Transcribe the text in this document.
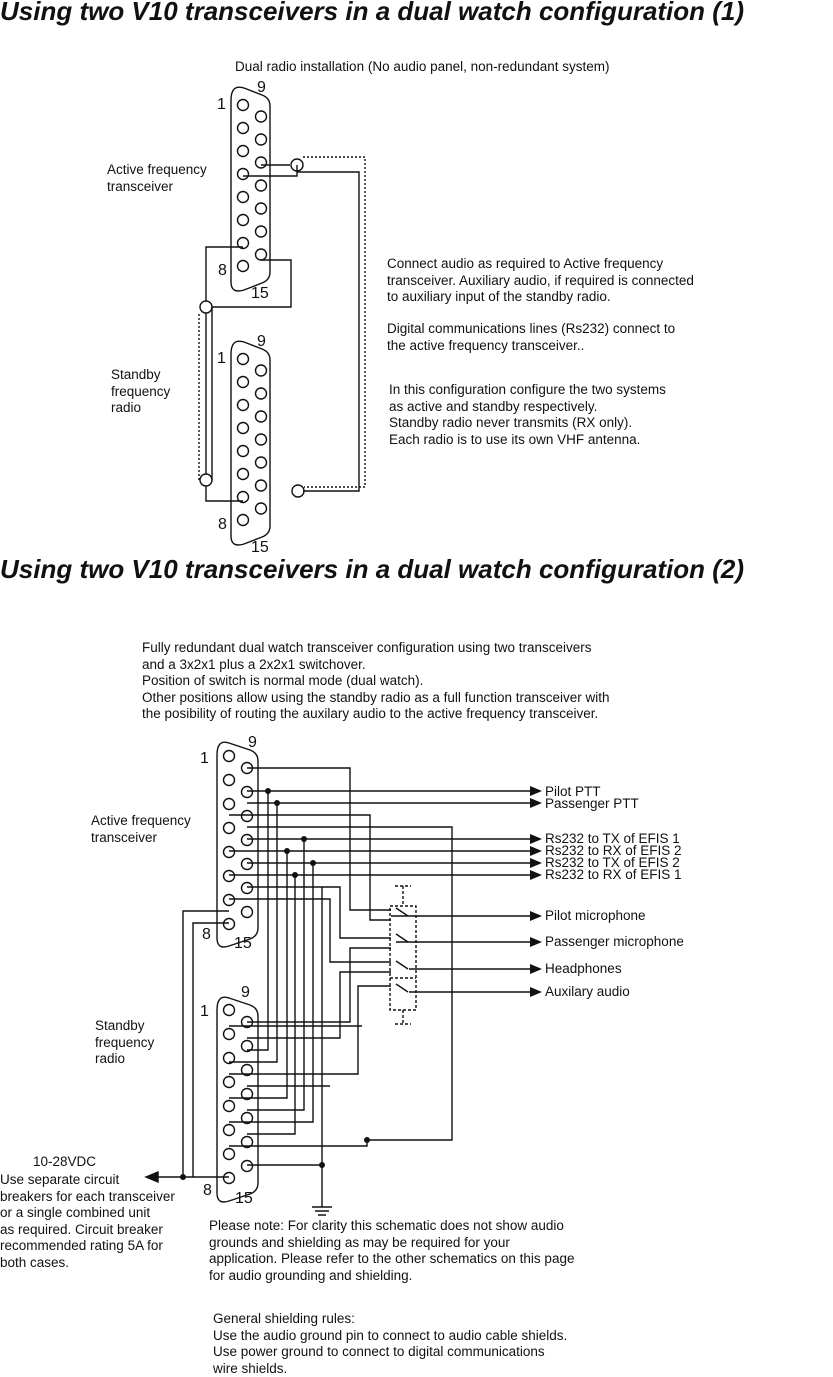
Using two V10 transceivers in a dual watch configuration (1)
Dual radio installation (No audio panel, non-redundant system)
Active frequency
transceiver
Standby
frequency
radio
1
9
8
15
1
9
8
15
Connect audio as required to Active frequency
transceiver. Auxiliary audio, if required is connected
to auxiliary input of the standby radio.
Digital communications lines (Rs232) connect to
the active frequency transceiver..
In this configuration configure the two systems
as active and standby respectively.
Standby radio never transmits (RX only).
Each radio is to use its own VHF antenna.
Using two V10 transceivers in a dual watch configuration (2)
Fully redundant dual watch transceiver configuration using two transceivers
and a 3x2x1 plus a 2x2x1 switchover.
Position of switch is normal mode (dual watch).
Other positions allow using the standby radio as a full function transceiver with
the posibility of routing the auxilary audio to the active frequency transceiver.
Active frequency
transceiver
Standby
frequency
radio
1
9
8
15
1
9
8 15
Pilot PTT
Passenger PTT
Rs232 to TX of EFIS 1
Rs232 to RX of EFIS 2
Rs232 to TX of EFIS 2
Rs232 to RX of EFIS 1
Pilot microphone
Passenger microphone
Headphones
Auxilary audio
10-28VDC
Use separate circuit
breakers for each transceiver
or a single combined unit
as required. Circuit breaker
recommended rating 5A for
both cases.
Please note: For clarity this schematic does not show audio
grounds and shielding as may be required for your
application. Please refer to the other schematics on this page
for audio grounding and shielding.
General shielding rules:
Use the audio ground pin to connect to audio cable shields.
Use power ground to connect to digital communications
wire shields.
